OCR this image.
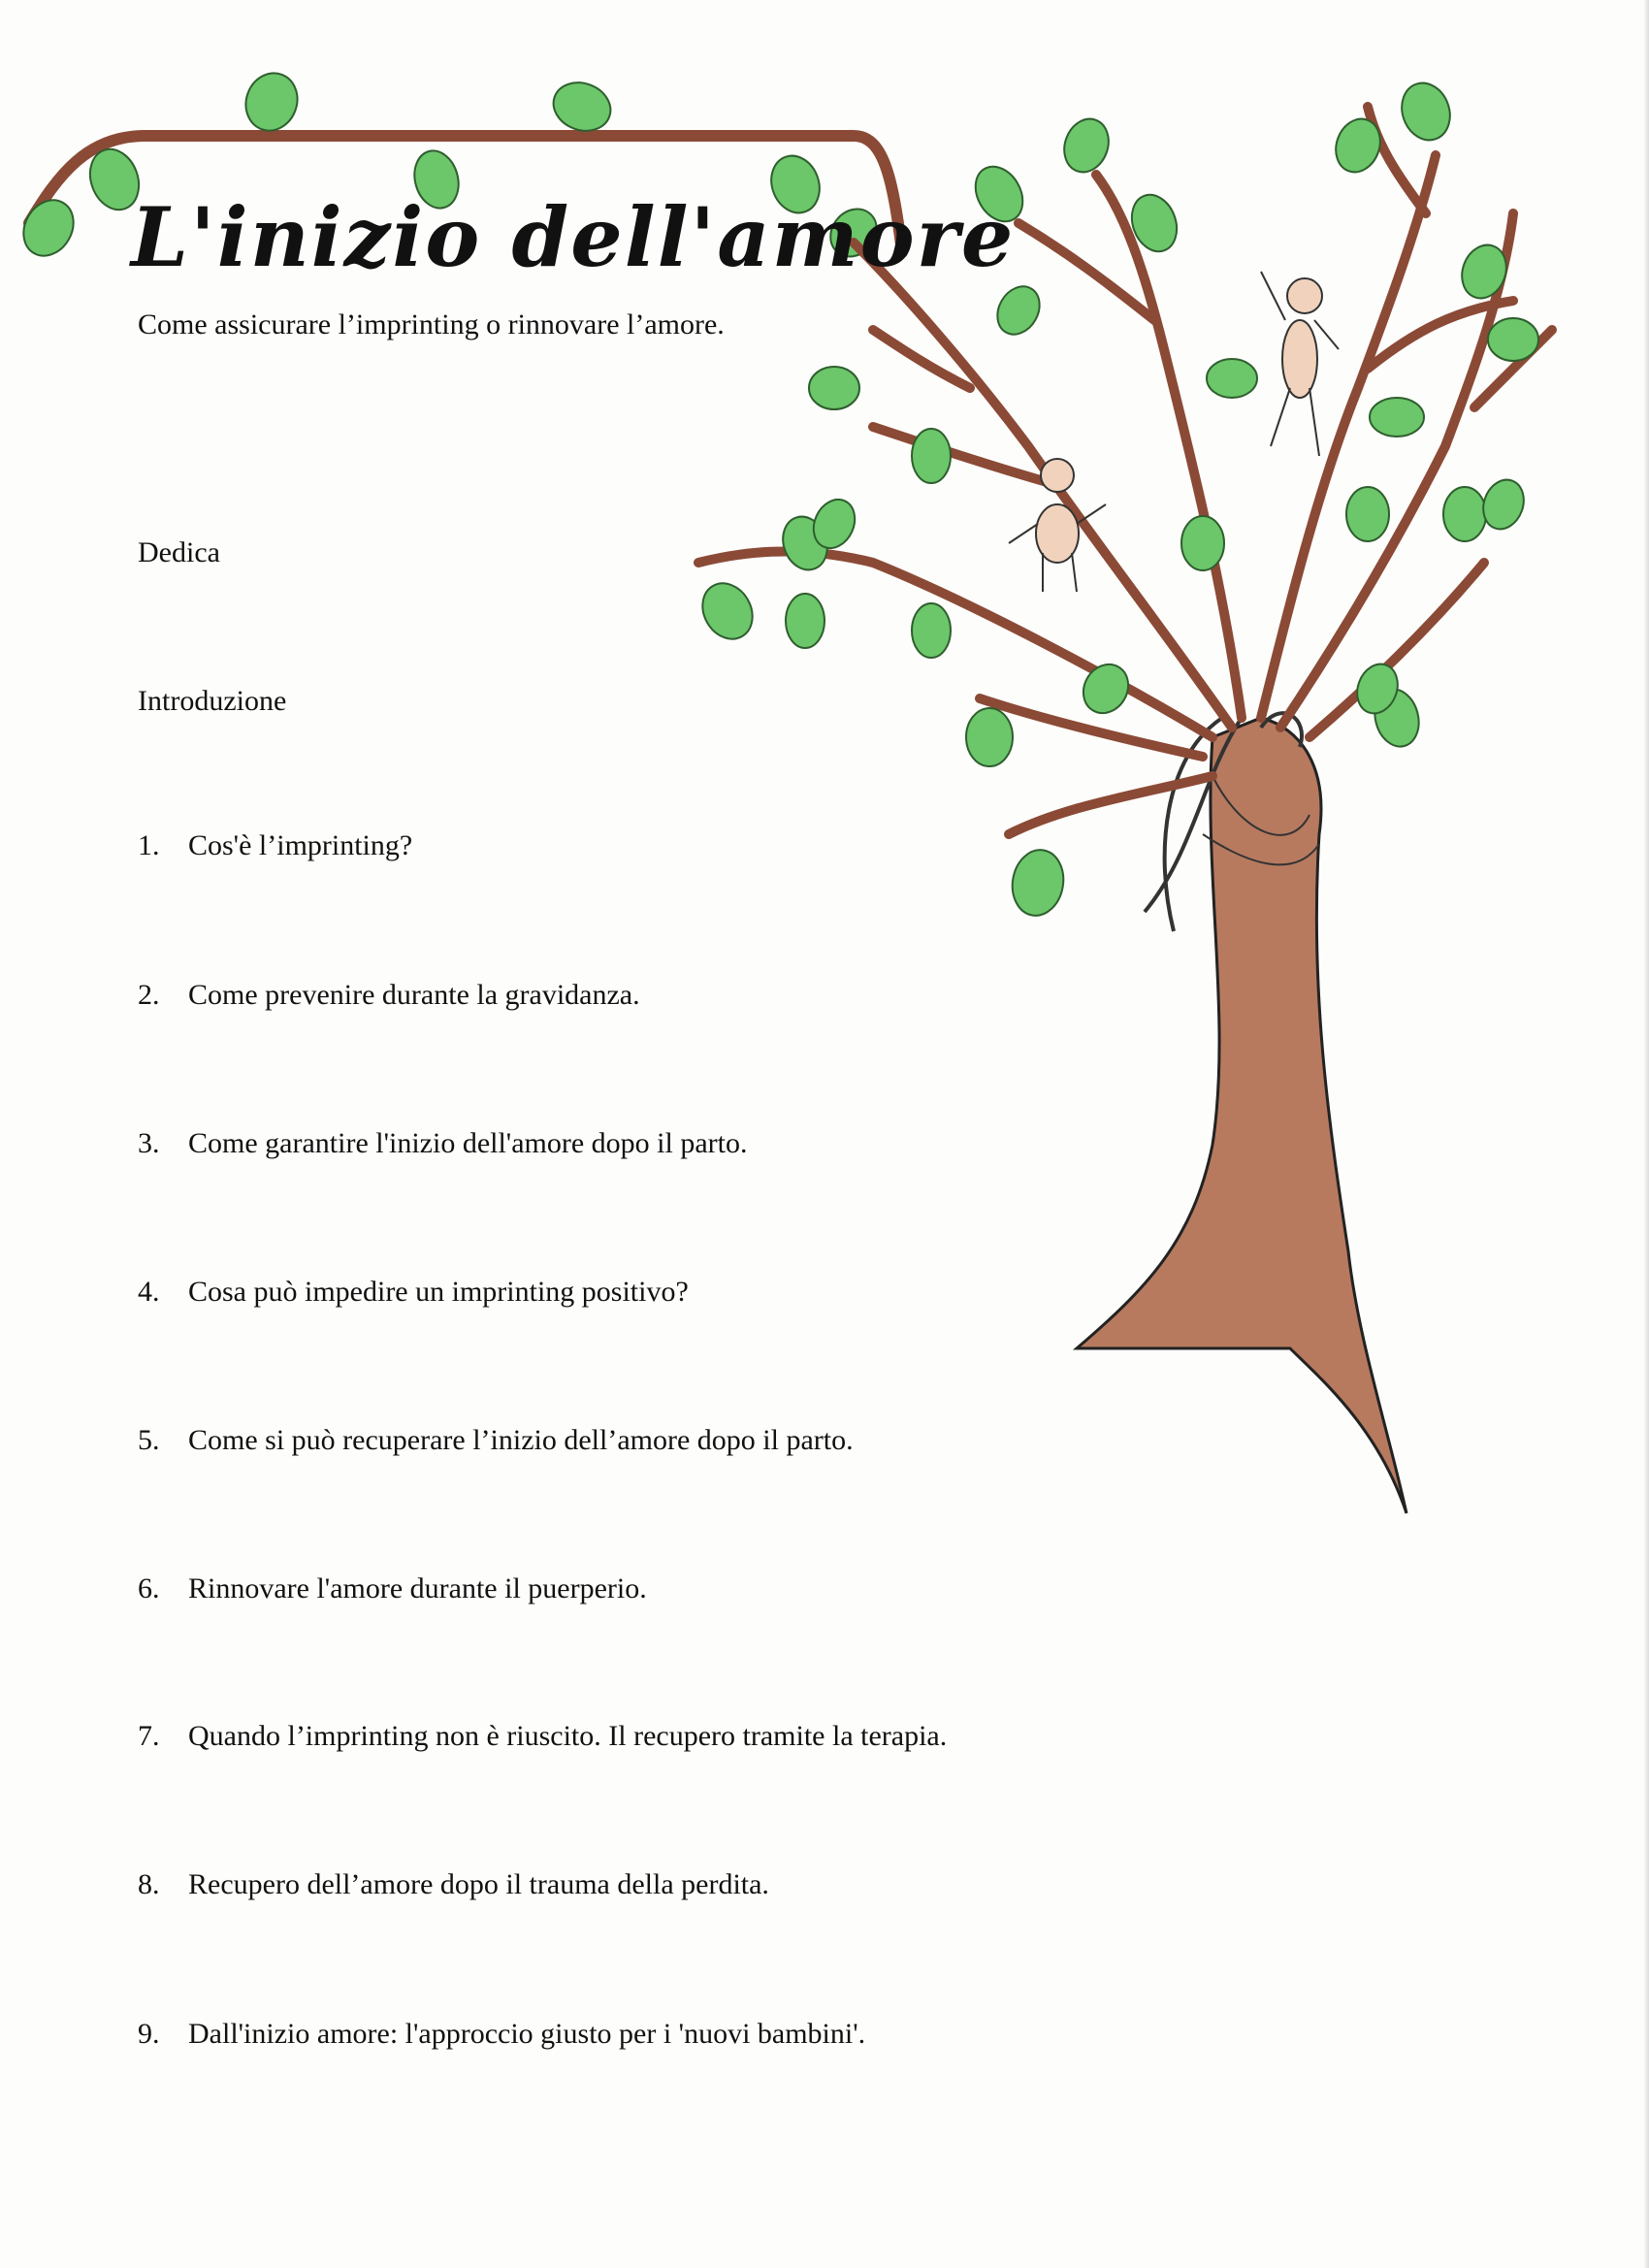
L'inizio dell'amore
Come assicurare l’imprinting o rinnovare l’amore.
Dedica
Introduzione
1. Cos'è l’imprinting?
2. Come prevenire durante la gravidanza.
3. Come garantire l'inizio dell'amore dopo il parto.
4. Cosa può impedire un imprinting positivo?
5. Come si può recuperare l’inizio dell’amore dopo il parto.
6. Rinnovare l'amore durante il puerperio.
7. Quando l’imprinting non è riuscito. Il recupero tramite la terapia.
8. Recupero dell’amore dopo il trauma della perdita.
9. Dall'inizio amore: l'approccio giusto per i 'nuovi bambini'.
